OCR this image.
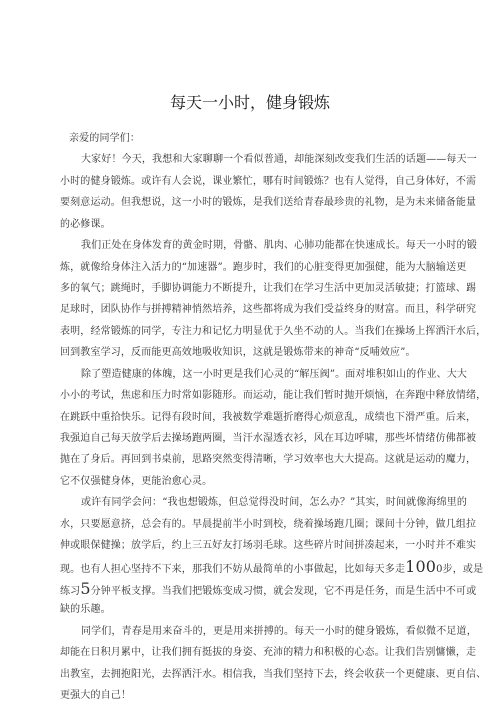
每天一小时，健身锻炼
亲爱的同学们：
大家好！今天，我想和大家聊聊一个看似普通，却能深刻改变我们生活的话题——每天一
小时的健身锻炼。或许有人会说，课业繁忙，哪有时间锻炼？也有人觉得，自己身体好，不需
要刻意运动。但我想说，这一小时的锻炼，是我们送给青春最珍贵的礼物，是为未来储备能量
的必修课。
我们正处在身体发育的黄金时期，骨骼、肌肉、心肺功能都在快速成长。每天一小时的锻
炼，就像给身体注入活力的“加速器”。跑步时，我们的心脏变得更加强健，能为大脑输送更
多的氧气；跳绳时，手脚协调能力不断提升，让我们在学习生活中更加灵活敏捷；打篮球、踢
足球时，团队协作与拼搏精神悄然培养，这些都将成为我们受益终身的财富。而且，科学研究
表明，经常锻炼的同学，专注力和记忆力明显优于久坐不动的人。当我们在操场上挥洒汗水后，
回到教室学习，反而能更高效地吸收知识，这就是锻炼带来的神奇“反哺效应”。
除了塑造健康的体魄，这一小时更是我们心灵的“解压阀”。面对堆积如山的作业、大大
小小的考试，焦虑和压力时常如影随形。而运动，能让我们暂时抛开烦恼，在奔跑中释放情绪，
在跳跃中重拾快乐。记得有段时间，我被数学难题折磨得心烦意乱，成绩也下滑严重。后来，
我强迫自己每天放学后去操场跑两圈，当汗水湿透衣衫，风在耳边呼啸，那些坏情绪仿佛都被
抛在了身后。再回到书桌前，思路突然变得清晰，学习效率也大大提高。这就是运动的魔力，
它不仅强健身体，更能治愈心灵。
或许有同学会问：“我也想锻炼，但总觉得没时间，怎么办？”其实，时间就像海绵里的
水，只要愿意挤，总会有的。早晨提前半小时到校，绕着操场跑几圈；课间十分钟，做几组拉
伸或眼保健操；放学后，约上三五好友打场羽毛球。这些碎片时间拼凑起来，一小时并不难实
现。也有人担心坚持不下来，那我们不妨从最简单的小事做起，比如每天多走1000步，或是
练习5分钟平板支撑。当我们把锻炼变成习惯，就会发现，它不再是任务，而是生活中不可或
缺的乐趣。
同学们，青春是用来奋斗的，更是用来拼搏的。每天一小时的健身锻炼，看似微不足道，
却能在日积月累中，让我们拥有挺拔的身姿、充沛的精力和积极的心态。让我们告别慵懒，走
出教室，去拥抱阳光，去挥洒汗水。相信我，当我们坚持下去，终会收获一个更健康、更自信、
更强大的自己！
